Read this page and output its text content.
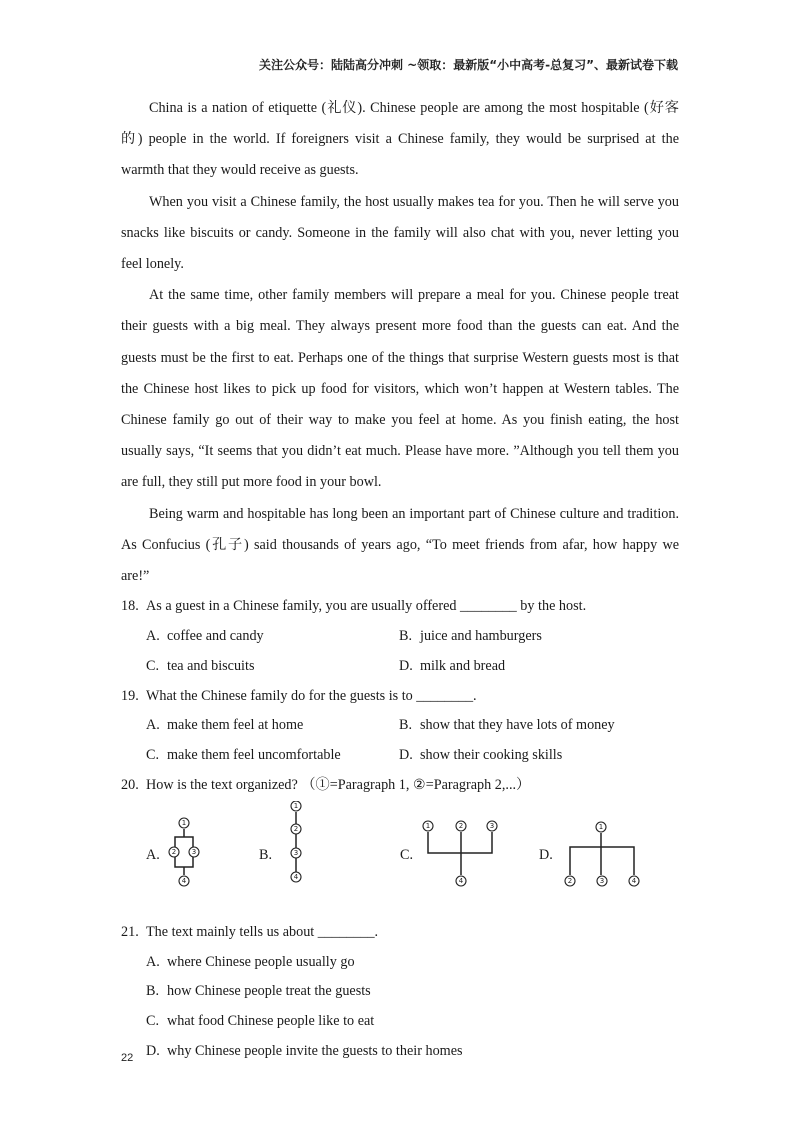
关注公众号：陆陆高分冲刺 ~领取：最新版“小中高考-总复习”、最新试卷下载

China is a nation of etiquette (礼仪). Chinese people are among the most hospitable (好客的) people in the world. If foreigners visit a Chinese family, they would be surprised at the warmth that they would receive as guests.

When you visit a Chinese family, the host usually makes tea for you. Then he will serve you snacks like biscuits or candy. Someone in the family will also chat with you, never letting you feel lonely.

At the same time, other family members will prepare a meal for you. Chinese people treat their guests with a big meal. They always present more food than the guests can eat. And the guests must be the first to eat. Perhaps one of the things that surprise Western guests most is that the Chinese host likes to pick up food for visitors, which won’t happen at Western tables. The Chinese family go out of their way to make you feel at home. As you finish eating, the host usually says, “It seems that you didn’t eat much. Please have more. ”Although you tell them you are full, they still put more food in your bowl.

Being warm and hospitable has long been an important part of Chinese culture and tradition. As Confucius (孔子) said thousands of years ago, “To meet friends from afar, how happy we are!”

18. As a guest in a Chinese family, you are usually offered ________ by the host.

A. coffee and candy	B. juice and hamburgers
C. tea and biscuits	D. milk and bread

19. What the Chinese family do for the guests is to ________.

A. make them feel at home	B. show that they have lots of money
C. make them feel uncomfortable	D. show their cooking skills

20. How is the text organized? （①=Paragraph 1, ②=Paragraph 2,...）

A.	B.	C.	D.
1
2 3
4
1
2
3
4
1	2	3
4
1
2	3	4

21. The text mainly tells us about ________.

A. where Chinese people usually go
B. how Chinese people treat the guests
C. what food Chinese people like to eat
D. why Chinese people invite the guests to their homes
22
